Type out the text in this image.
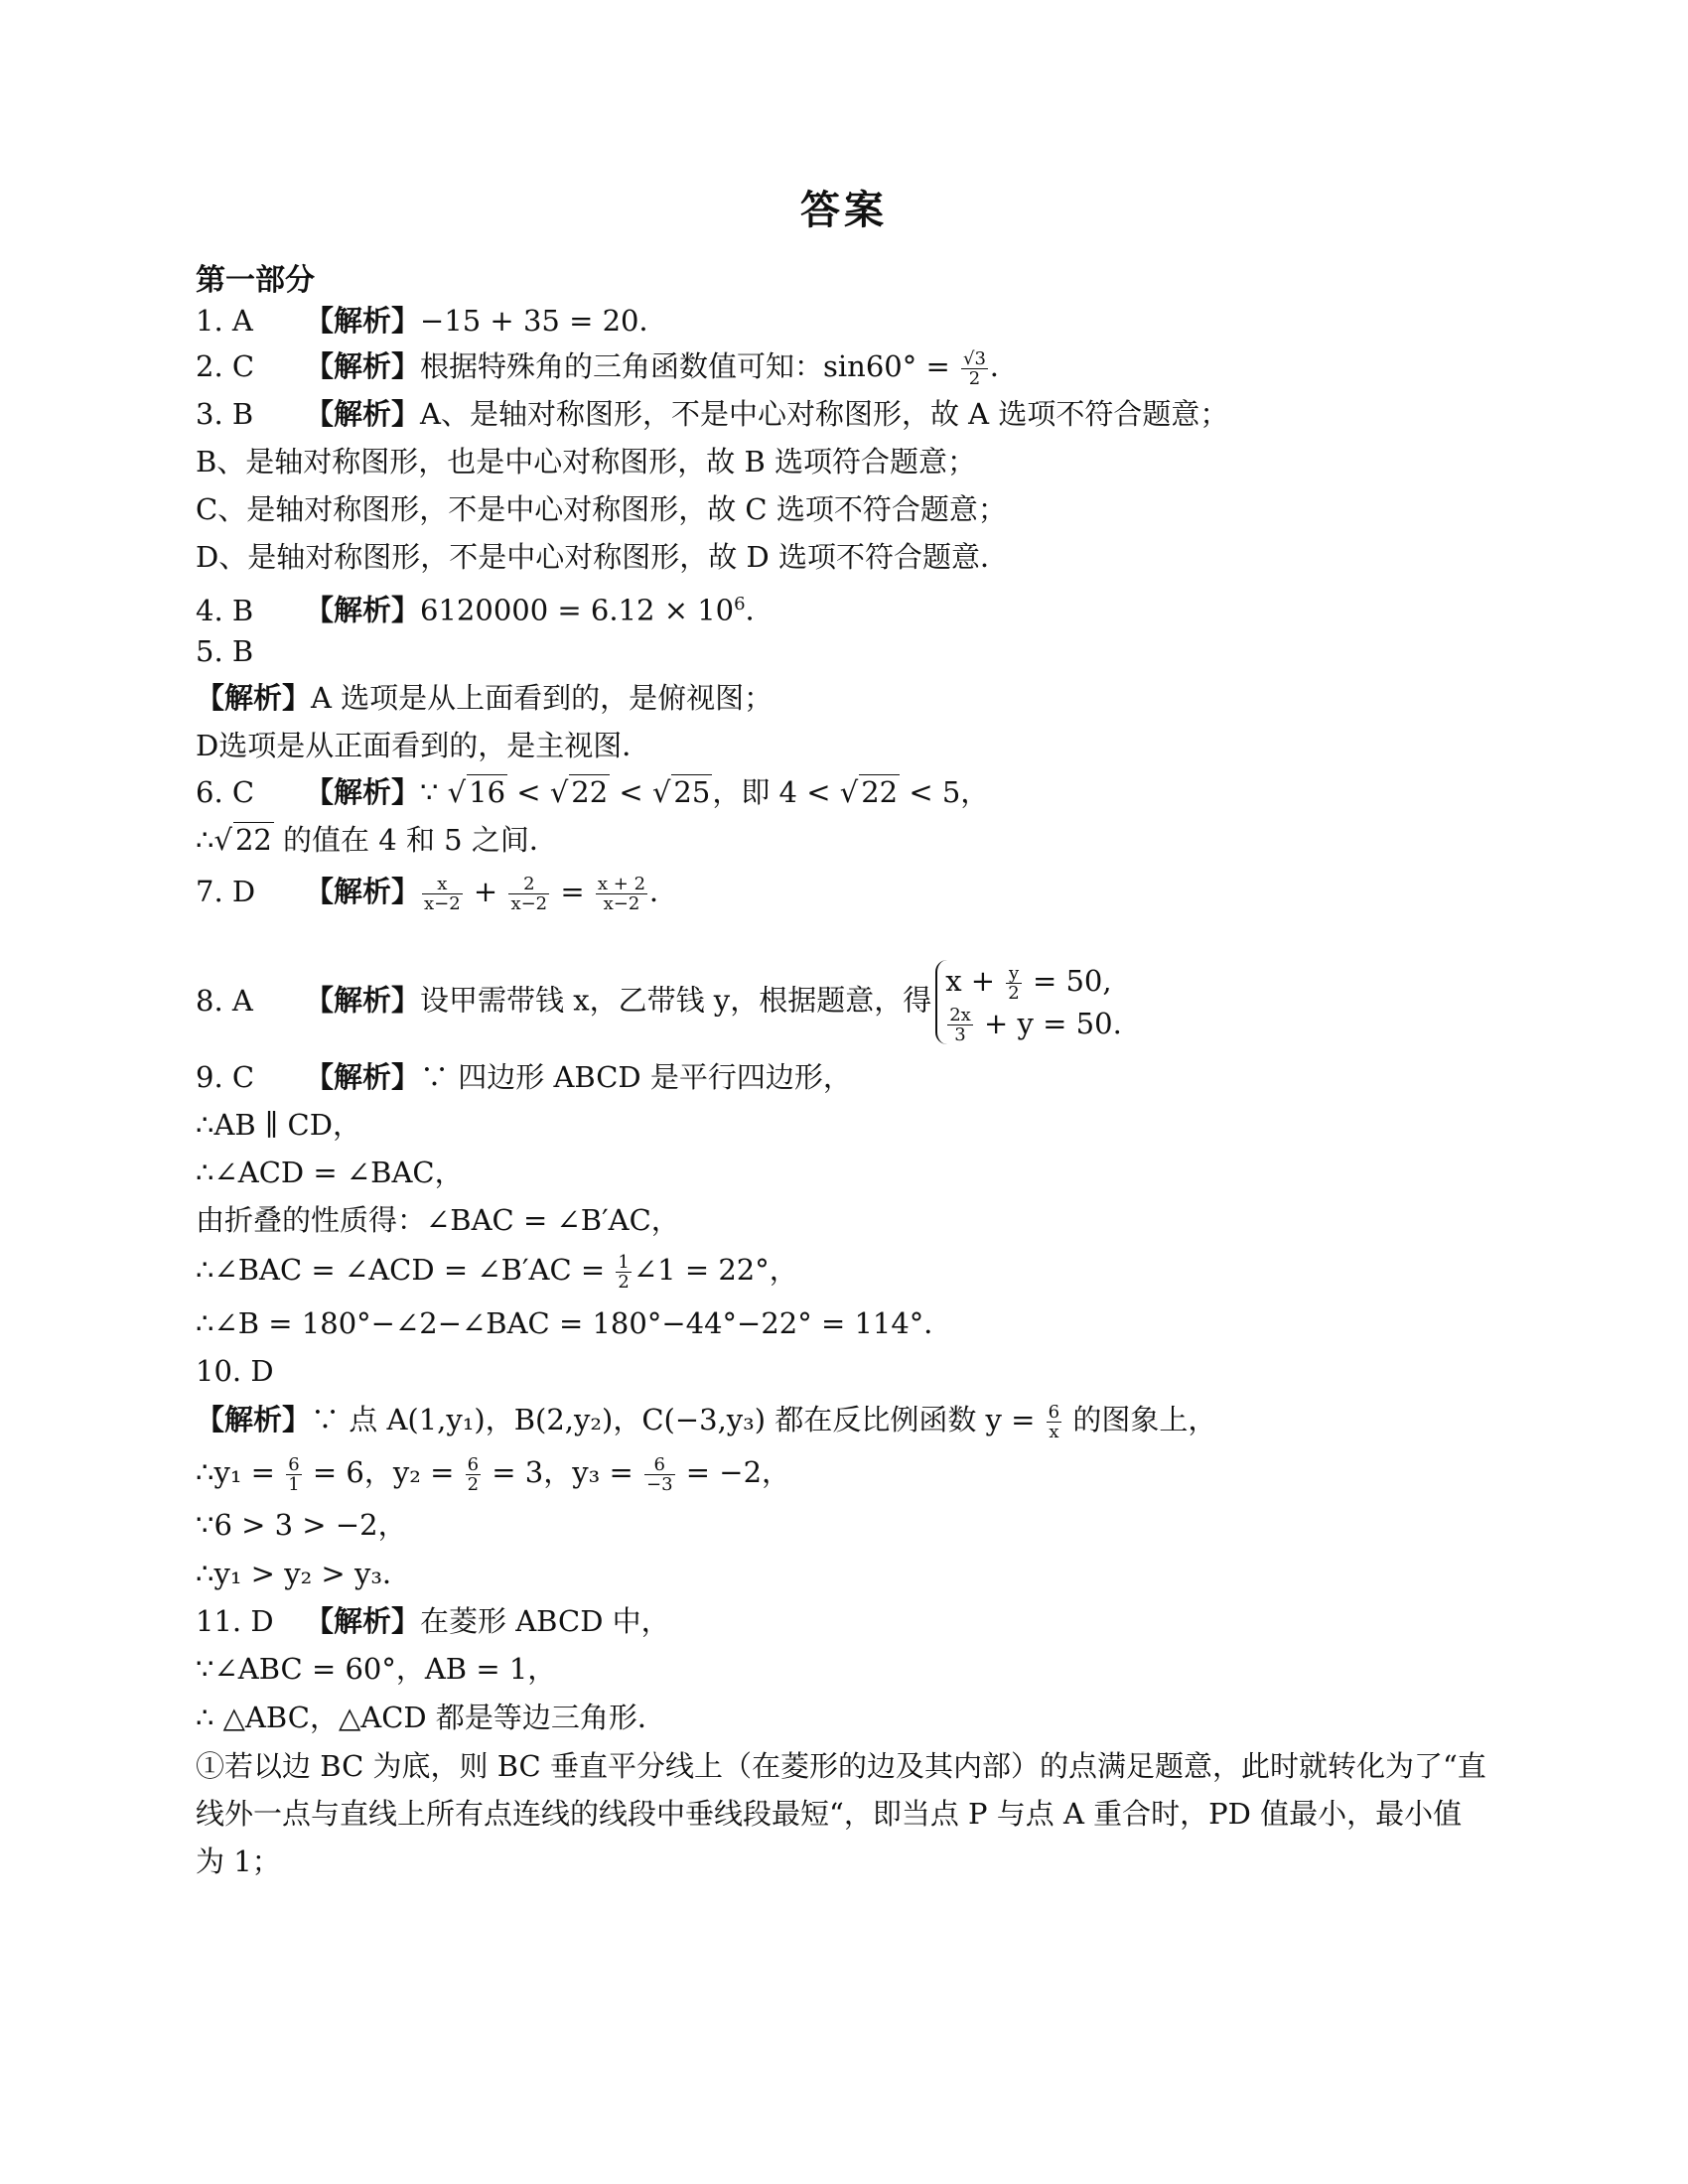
答案
第一部分
1. A 【解析】−15 + 35 = 20．
2. C 【解析】根据特殊角的三角函数值可知：$\sin 60^\circ = \frac{√3}{2}$ ．
3. B 【解析】A、是轴对称图形，不是中心对称图形，故 A 选项不符合题意；
B、是轴对称图形，也是中心对称图形，故 B 选项符合题意；
C、是轴对称图形，不是中心对称图形，故 C 选项不符合题意；
D、是轴对称图形，不是中心对称图形，故 D 选项不符合题意．
4. B 【解析】$6120000 = 6.12 \times 10^6$．
5. B
【解析】A 选项是从上面看到的，是俯视图；
D选项是从正面看到的，是主视图．
6. C 【解析】∵ √ 16 < √ 22 < √ 25，即 4 < √ 22 < 5，
∴√ 22 的值在 4 和 5 之间．
7. D 【解析】 $\frac{x}{x-2} + \frac{2}{x-2} = \frac{x + 2}{x-2}$ ．
8. A 【解析】设甲需带钱 x，乙带钱 y，根据题意，得
$x + \frac{y}{2} = 50$,
$\frac{2x}{3} + y = 50$.
9. C 【解析】∵ 四边形 ABCD 是平行四边形，
∴AB ∥ CD，
∴∠ACD = ∠BAC，
由折叠的性质得：∠BAC = ∠B′AC，
∴∠BAC = ∠ACD = ∠B′AC = $\frac{1}{2}$ ∠1 = 22°，
∴∠B = 180°−∠2−∠BAC = 180°−44°−22° = 114°．
10. D
【解析】∵ 点 A(1,y₁)，B(2,y₂)，C(−3,y₃) 都在反比例函数 $y = \frac{6}{x}$ 的图象上，
∴y₁ = $\frac{6}{1} = 6$，$y_2 = \frac{6}{2} = 3$，$y_3 = \frac{6}{-3} = -2$，
∵6 > 3 > −2，
∴y₁ > y₂ > y₃．
11. D 【解析】在菱形 ABCD 中，
∵∠ABC = 60°，AB = 1，
∴ △ABC，△ACD 都是等边三角形．
①若以边 BC 为底，则 BC 垂直平分线上（在菱形的边及其内部）的点满足题意，此时就转化为了“直线外一点与直线上所有点连线的线段中垂线段最短“，即当点 P 与点 A 重合时，PD 值最小，最小值为 1；
